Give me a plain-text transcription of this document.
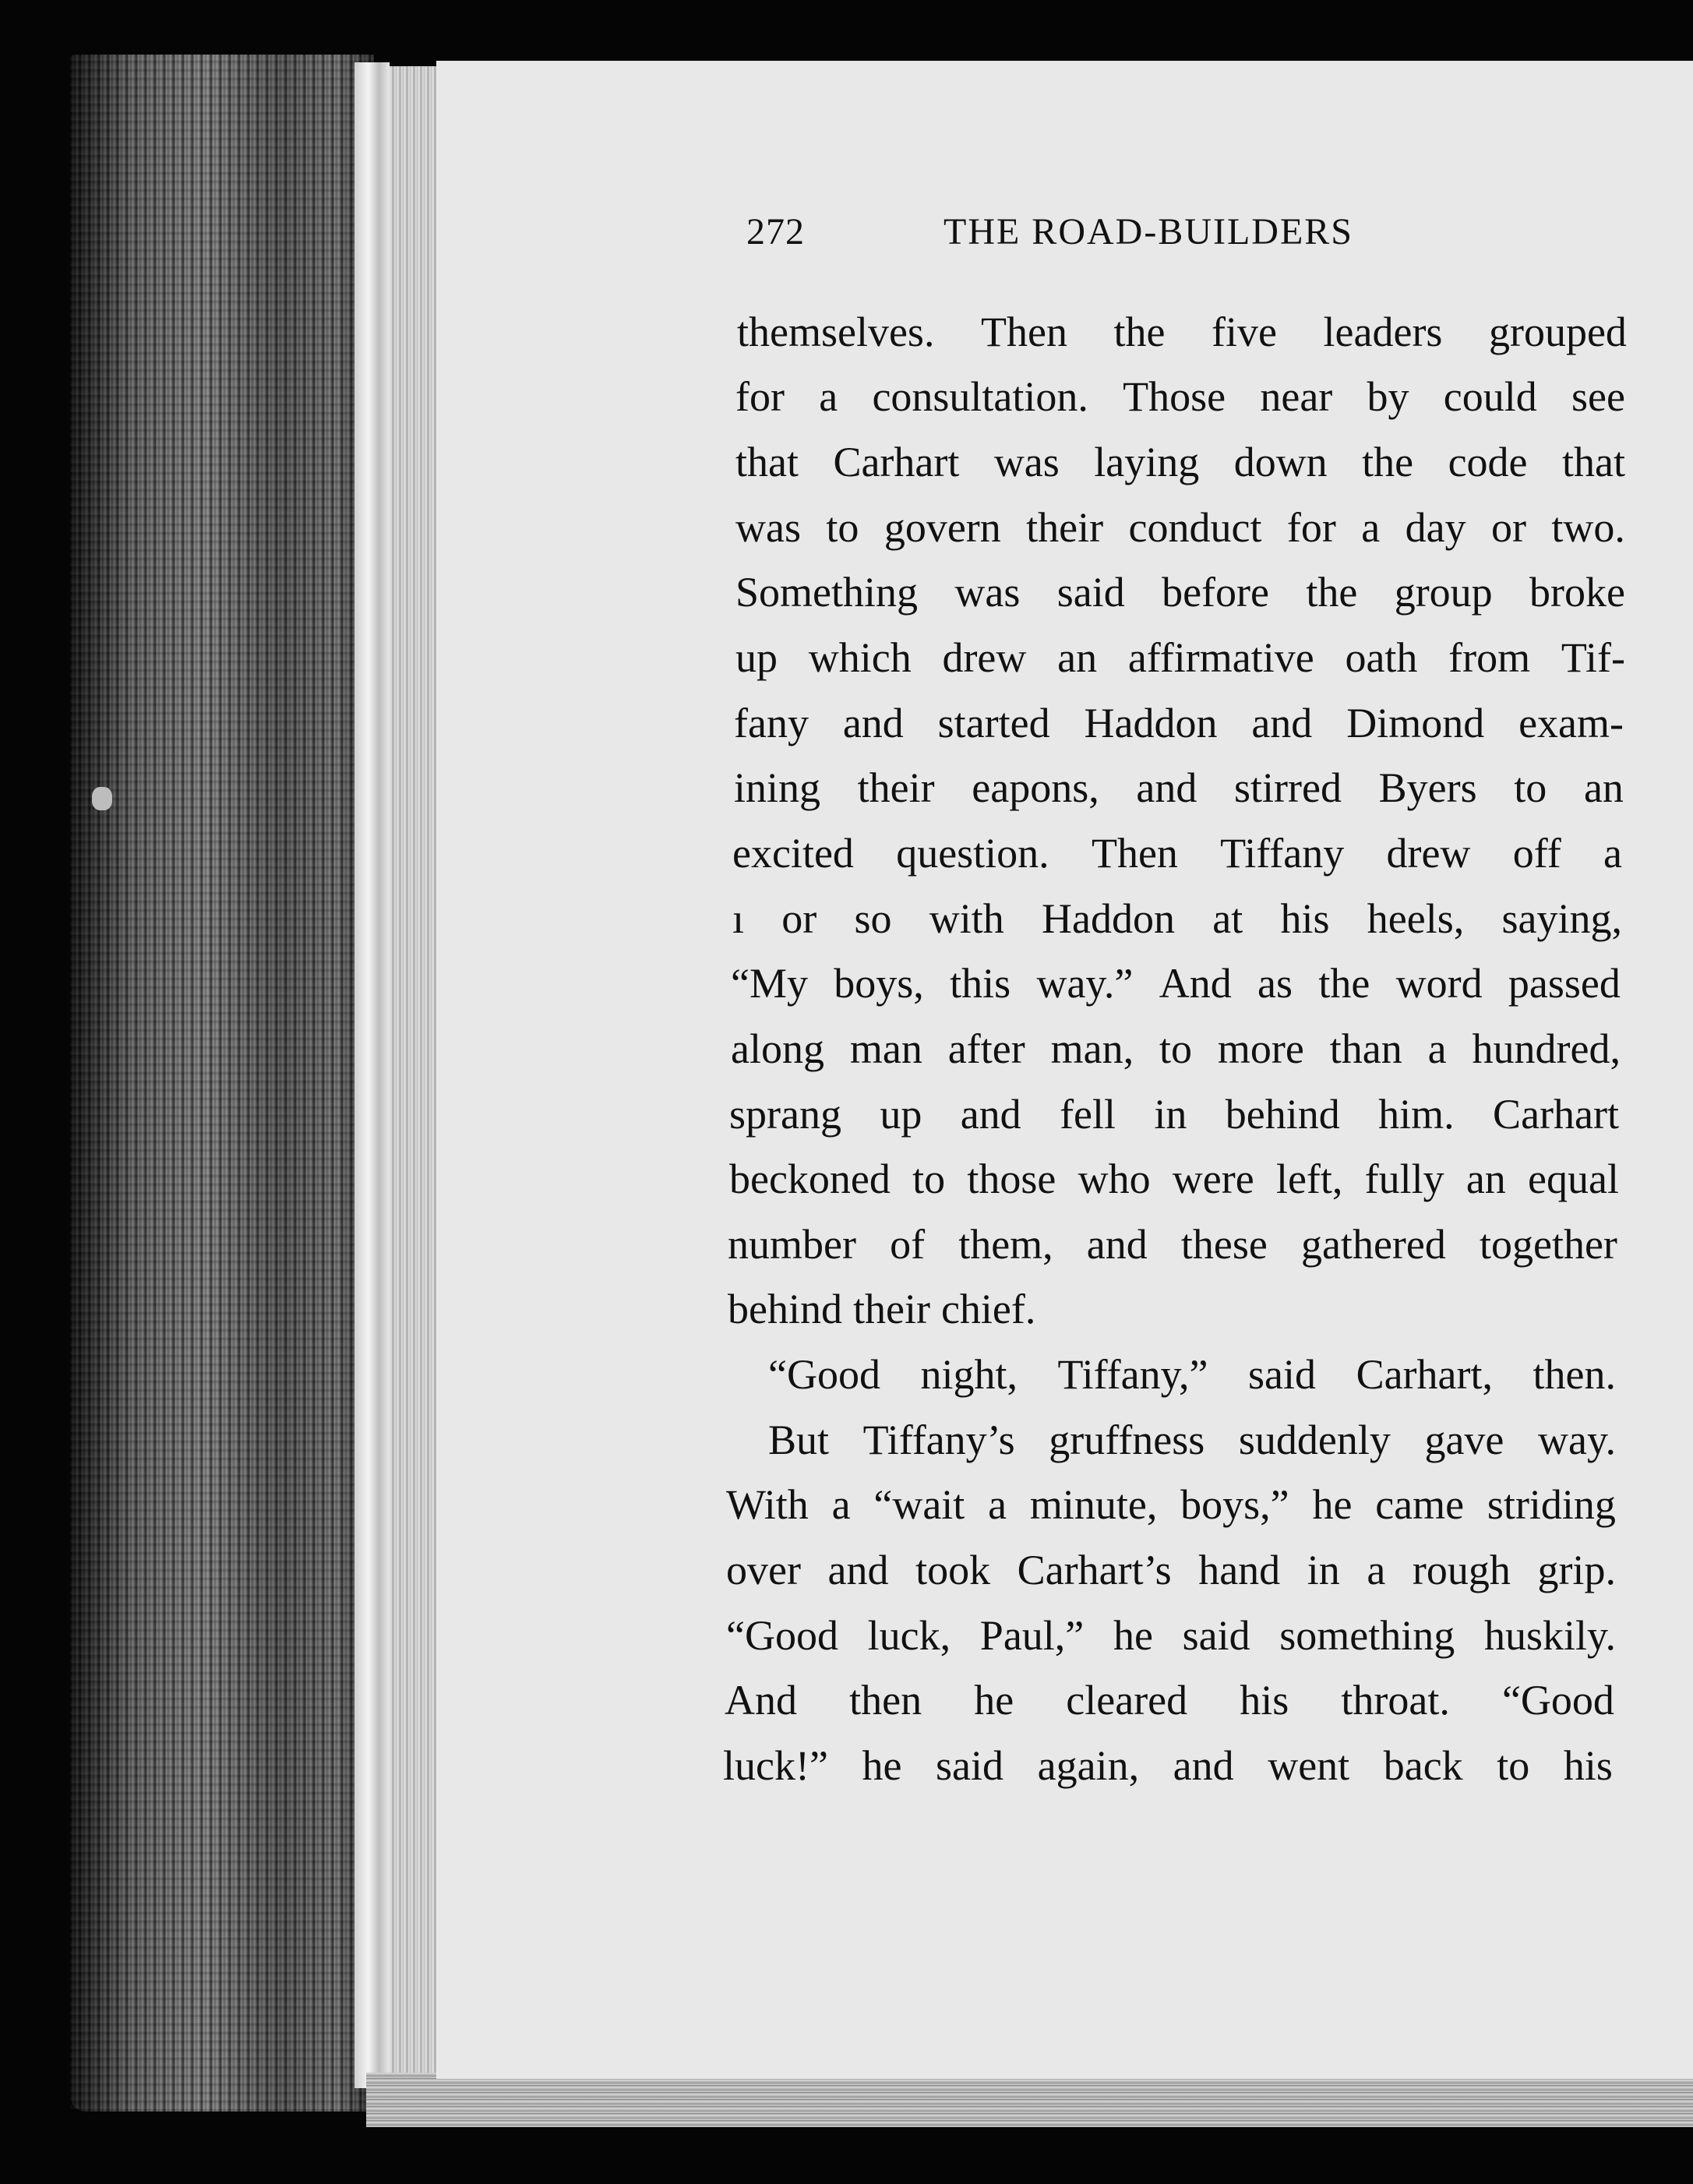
272	THE ROAD-BUILDERS
themselves. Then the five leaders grouped
for a consultation. Those near by could see
that Carhart was laying down the code that
was to govern their conduct for a day or two.
Something was said before the group broke
up which drew an affirmative oath from Tif-
fany and started Haddon and Dimond exam-
ining their eapons, and stirred Byers to an
excited question. Then Tiffany drew off a
ı or so with Haddon at his heels, saying,
“My boys, this way.” And as the word passed
along man after man, to more than a hundred,
sprang up and fell in behind him. Carhart
beckoned to those who were left, fully an equal
number of them, and these gathered together
behind their chief.
“Good night, Tiffany,” said Carhart, then.
But Tiffany’s gruffness suddenly gave way.
With a “wait a minute, boys,” he came striding
over and took Carhart’s hand in a rough grip.
“Good luck, Paul,” he said something huskily.
And then he cleared his throat. “Good
luck!” he said again, and went back to his
